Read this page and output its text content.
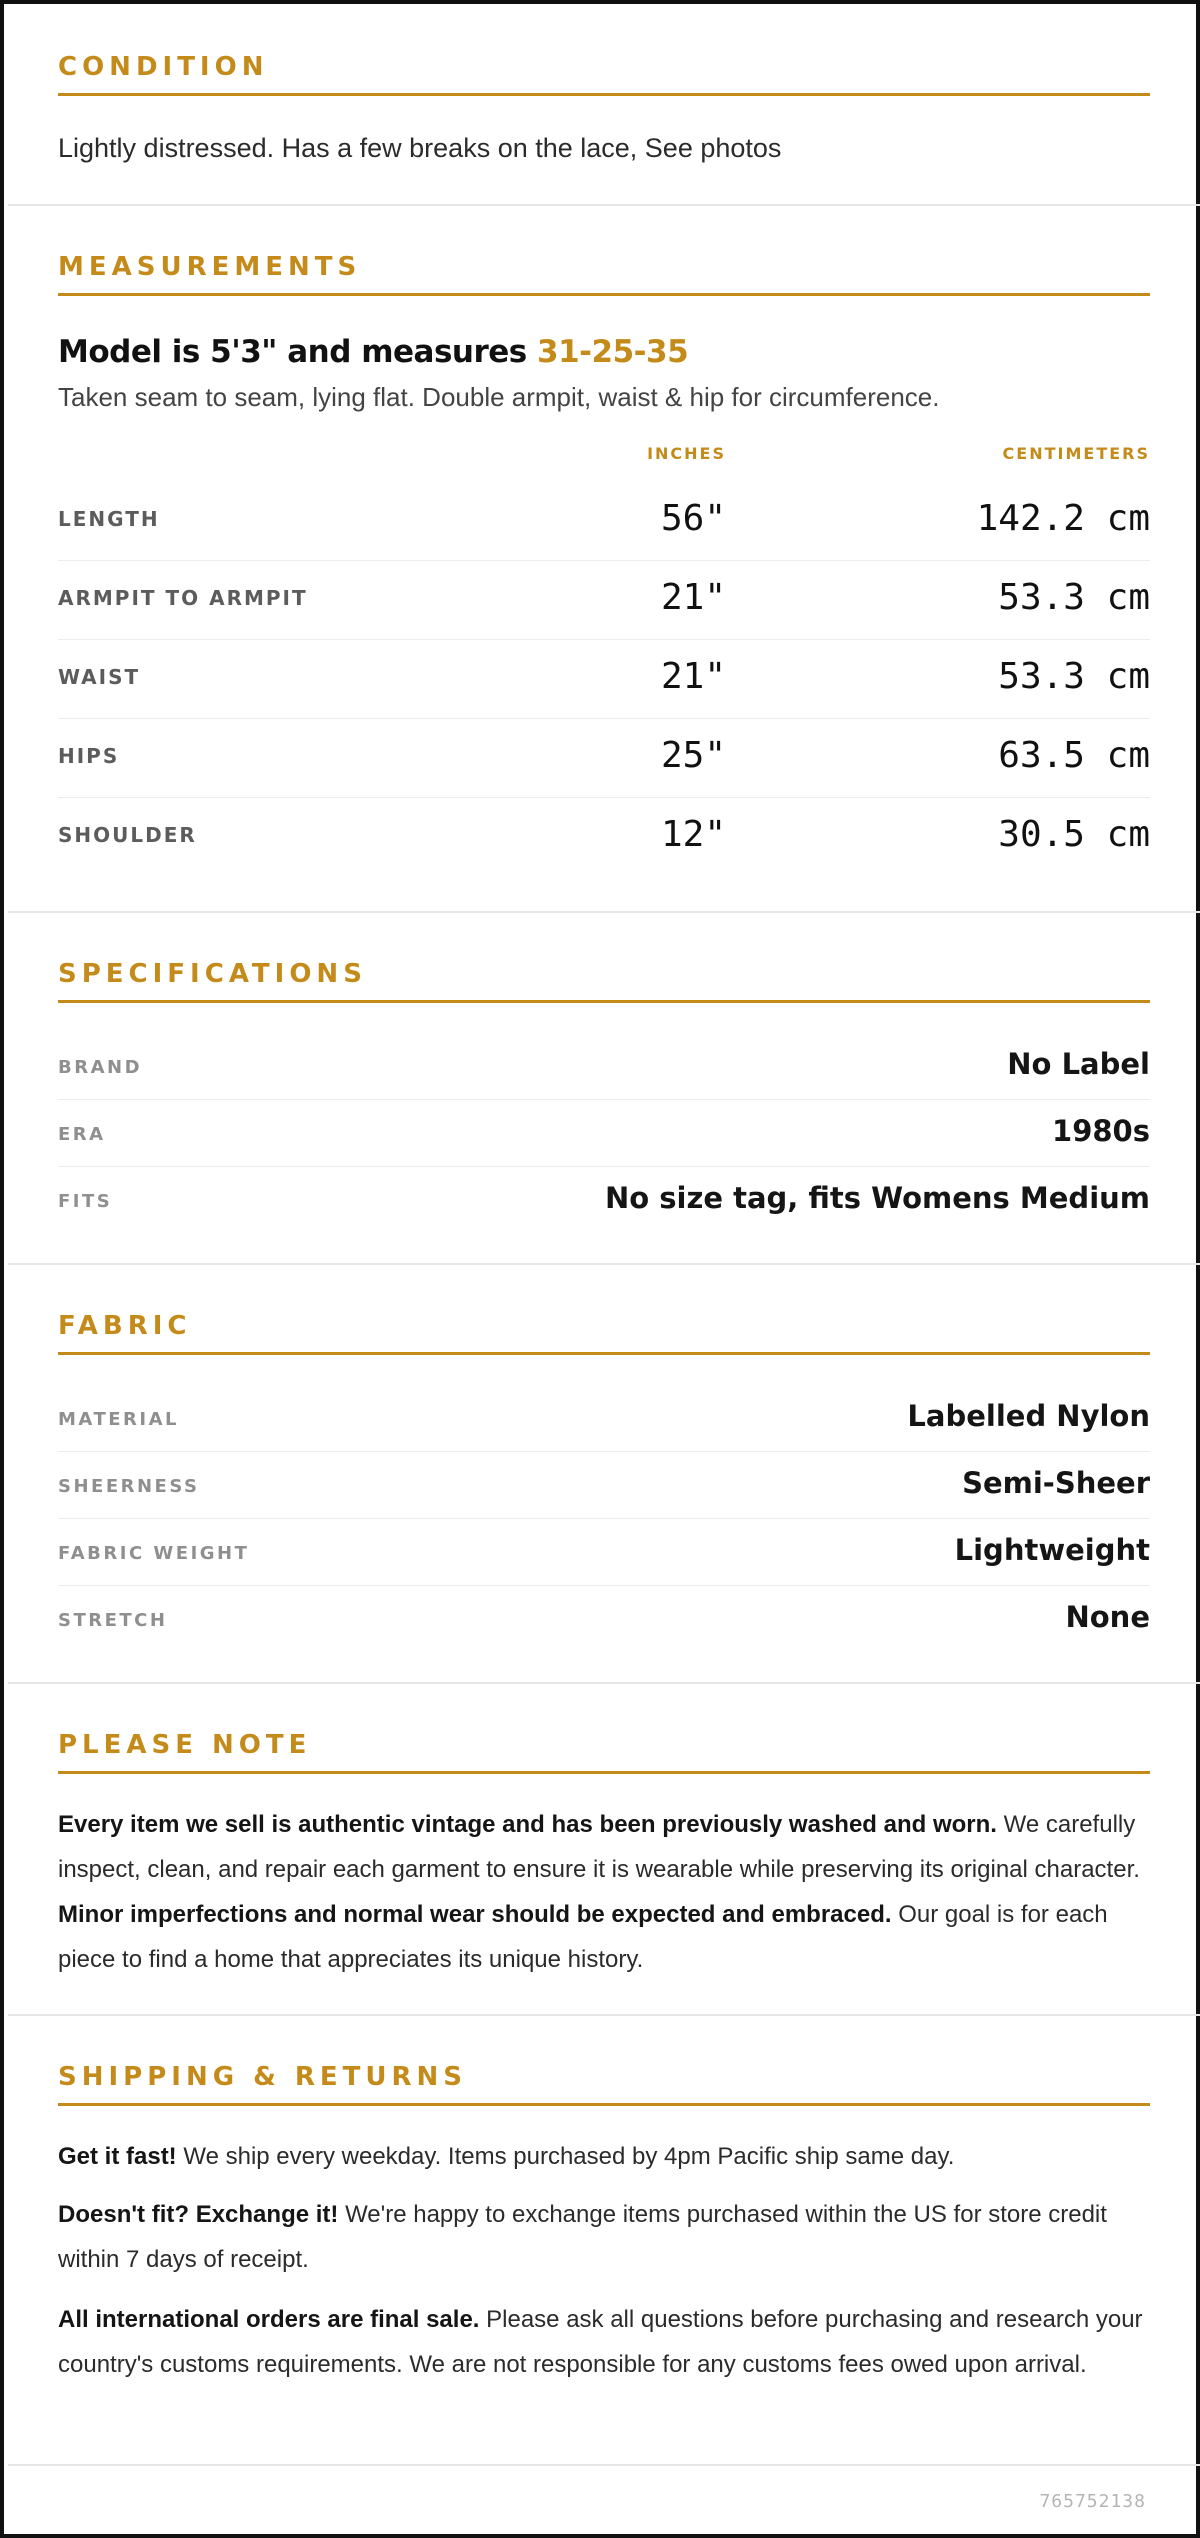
CONDITION
Lightly distressed. Has a few breaks on the lace, See photos
MEASUREMENTS
Model is 5'3" and measures 31-25-35
Taken seam to seam, lying flat. Double armpit, waist & hip for circumference.
INCHES	CENTIMETERS
LENGTH	56"	142.2 cm
ARMPIT TO ARMPIT	21"	53.3 cm
WAIST	21"	53.3 cm
HIPS	25"	63.5 cm
SHOULDER	12"	30.5 cm
SPECIFICATIONS
BRAND	No Label
ERA	1980s
FITS	No size tag, fits Womens Medium
FABRIC
MATERIAL	Labelled Nylon
SHEERNESS	Semi-Sheer
FABRIC WEIGHT	Lightweight
STRETCH	None
PLEASE NOTE
Every item we sell is authentic vintage and has been previously washed and worn. We carefully inspect, clean, and repair each garment to ensure it is wearable while preserving its original character. Minor imperfections and normal wear should be expected and embraced. Our goal is for each piece to find a home that appreciates its unique history.
SHIPPING & RETURNS
Get it fast! We ship every weekday. Items purchased by 4pm Pacific ship same day.
Doesn't fit? Exchange it! We're happy to exchange items purchased within the US for store credit within 7 days of receipt.
All international orders are final sale. Please ask all questions before purchasing and research your country's customs requirements. We are not responsible for any customs fees owed upon arrival.
765752138
